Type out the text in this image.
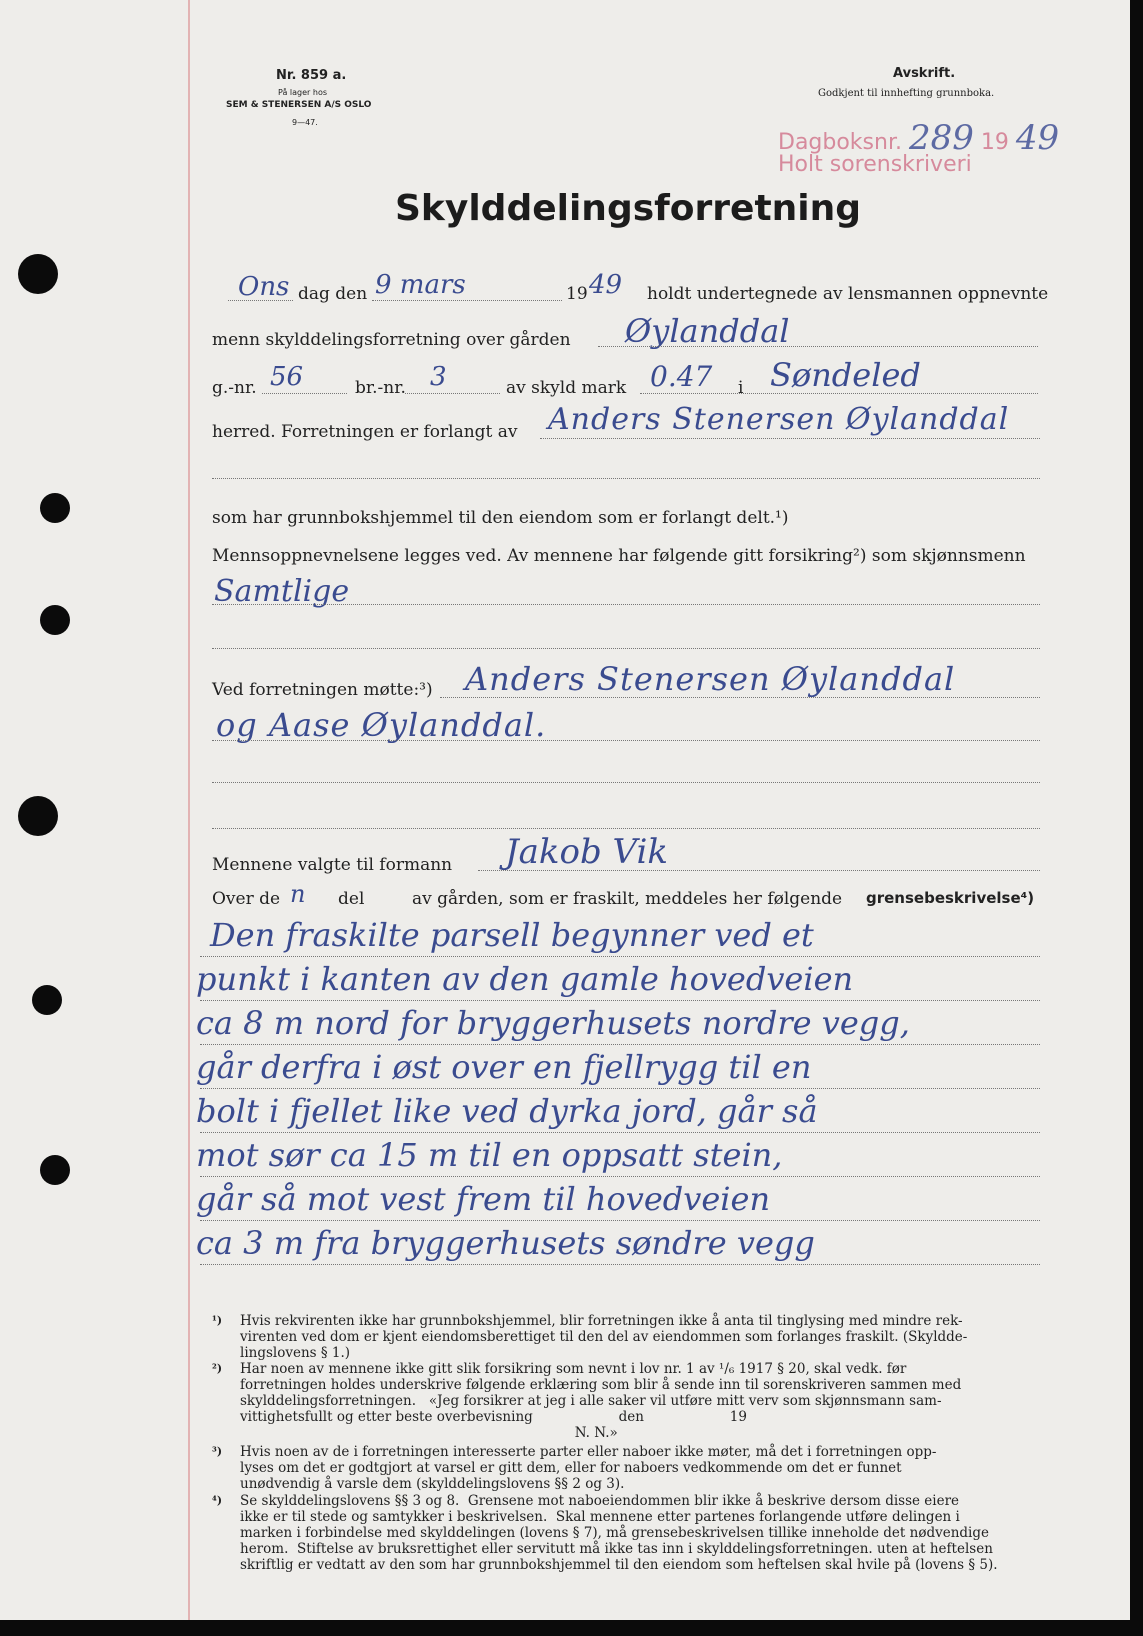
Nr. 859 a.
På lager hos
SEM & STENERSEN A/S OSLO
9—47.
Avskrift.
Godkjent til innhefting grunnboka.
Dagboksnr. 289 19 49
Holt sorenskriveri
Skylddelingsforretning
Ons dag den 9 mars	19 49 holdt undertegnede av lensmannen oppnevnte
menn skylddelingsforretning over gården Øylanddal
g.-nr. 56	br.-nr. 3	av skyld mark 0.47 i Søndeled
herred. Forretningen er forlangt av Anders Stenersen Øylanddal
som har grunnbokshjemmel til den eiendom som er forlangt delt.¹)
Mennsoppnevnelsene legges ved. Av mennene har følgende gitt forsikring²) som skjønnsmenn
Samtlige
Ved forretningen møtte:³) Anders Stenersen Øylanddal
og Aase Øylanddal.
Mennene valgte til formann Jakob Vik
Over de n del	av gården, som er fraskilt, meddeles her følgende grensebeskrivelse⁴)
Den fraskilte parsell begynner ved et
punkt i kanten av den gamle hovedveien
ca 8 m nord for bryggerhusets nordre vegg,
går derfra i øst over en fjellrygg til en
bolt i fjellet like ved dyrka jord, går så
mot sør ca 15 m til en oppsatt stein,
går så mot vest frem til hovedveien
ca 3 m fra bryggerhusets søndre vegg
¹) Hvis rekvirenten ikke har grunnbokshjemmel, blir forretningen ikke å anta til tinglysing med mindre rek-
virenten ved dom er kjent eiendomsberettiget til den del av eiendommen som forlanges fraskilt. (Skyldde-
lingslovens § 1.)
²) Har noen av mennene ikke gitt slik forsikring som nevnt i lov nr. 1 av ¹/₆ 1917 § 20, skal vedk. før
forretningen holdes underskrive følgende erklæring som blir å sende inn til sorenskriveren sammen med
skylddelingsforretningen.   «Jeg forsikrer at jeg i alle saker vil utføre mitt verv som skjønnsmann sam-
vittighetsfullt og etter beste overbevisning                    den                    19
N. N.»
³) Hvis noen av de i forretningen interesserte parter eller naboer ikke møter, må det i forretningen opp-
lyses om det er godtgjort at varsel er gitt dem, eller for naboers vedkommende om det er funnet
unødvendig å varsle dem (skylddelingslovens §§ 2 og 3).
⁴) Se skylddelingslovens §§ 3 og 8.  Grensene mot naboeiendommen blir ikke å beskrive dersom disse eiere
ikke er til stede og samtykker i beskrivelsen.  Skal mennene etter partenes forlangende utføre delingen i
marken i forbindelse med skylddelingen (lovens § 7), må grensebeskrivelsen tillike inneholde det nødvendige
herom.  Stiftelse av bruksrettighet eller servitutt må ikke tas inn i skylddelingsforretningen. uten at heftelsen
skriftlig er vedtatt av den som har grunnbokshjemmel til den eiendom som heftelsen skal hvile på (lovens § 5).
